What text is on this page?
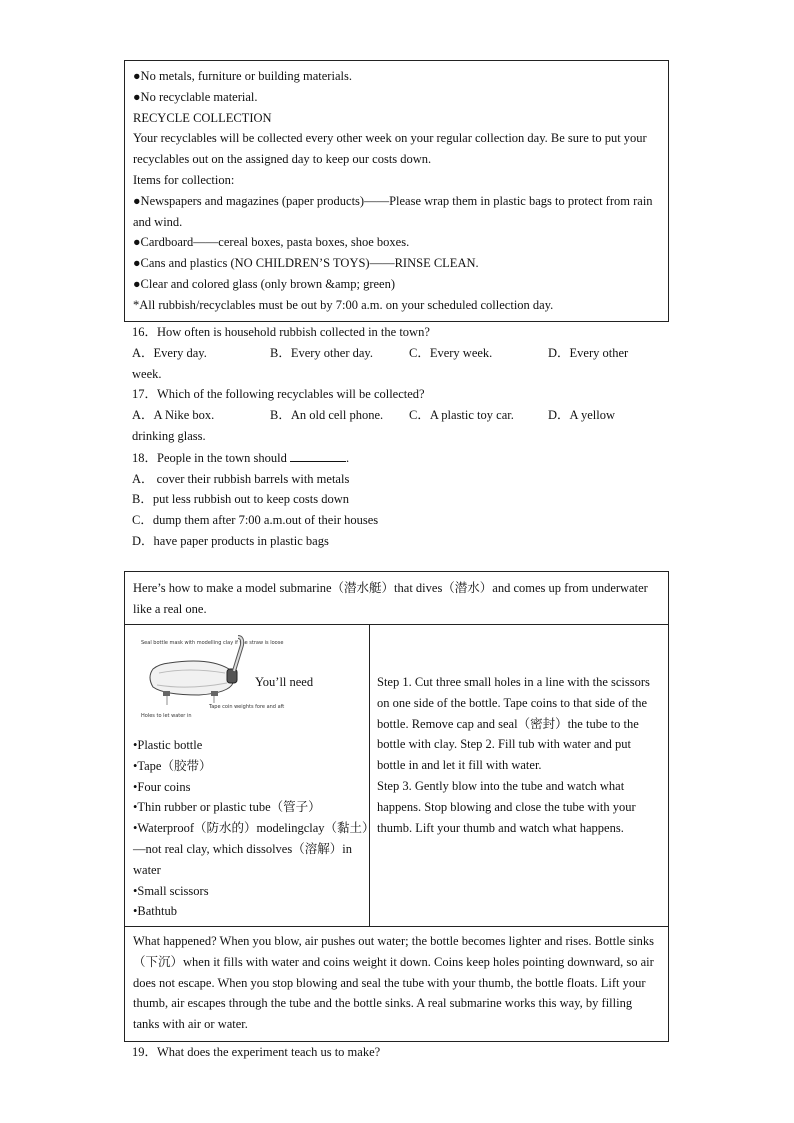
●No metals, furniture or building materials.

●No recyclable material.

RECYCLE COLLECTION

Your recyclables will be collected every other week on your regular collection day. Be sure to put your recyclables out on the assigned day to keep our costs down.

Items for collection:

●Newspapers and magazines (paper products)——Please wrap them in plastic bags to protect from rain and wind.

●Cardboard——cereal boxes, pasta boxes, shoe boxes.

●Cans and plastics (NO CHILDREN’S TOYS)——RINSE CLEAN.

●Clear and colored glass (only brown &amp; green)

*All rubbish/recyclables must be out by 7:00 a.m. on your scheduled collection day.

16．How often is household rubbish collected in the town?

A．Every day.	B．Every other day.	C．Every week.	D．Every other

week.

17．Which of the following recyclables will be collected?

A．A Nike box.	B．An old cell phone.	C．A plastic toy car.	D．A yellow

drinking glass.

18．People in the town should	.

A． cover their rubbish barrels with metals

B．put less rubbish out to keep costs down

C．dump them after 7:00 a.m.out of their houses

D．have paper products in plastic bags

Here’s how to make a model submarine（潜水艇）that dives（潜水）and comes up from underwater like a real one.

Seal bottle mask with modelling clay if the straw is loose
Tape coin weights fore and aft
Holes to let water in
You’ll need
•Plastic bottle
•Tape（胶带）
•Four coins
•Thin rubber or plastic tube（管子）
•Waterproof（防水的）modelingclay（黏土）—not real clay, which dissolves（溶解）in water
•Small scissors
•Bathtub

Step 1. Cut three small holes in a line with the scissors on one side of the bottle. Tape coins to that side of the bottle. Remove cap and seal（密封）the tube to the bottle with clay. Step 2. Fill tub with water and put bottle in and let it fill with water.

Step 3. Gently blow into the tube and watch what happens. Stop blowing and close the tube with your thumb. Lift your thumb and watch what happens.

What happened? When you blow, air pushes out water; the bottle becomes lighter and rises. Bottle sinks（下沉）when it fills with water and coins weight it down. Coins keep holes pointing downward, so air does not escape. When you stop blowing and seal the tube with your thumb, the bottle floats. Lift your thumb, air escapes through the tube and the bottle sinks. A real submarine works this way, by filling tanks with air or water.

19．What does the experiment teach us to make?
